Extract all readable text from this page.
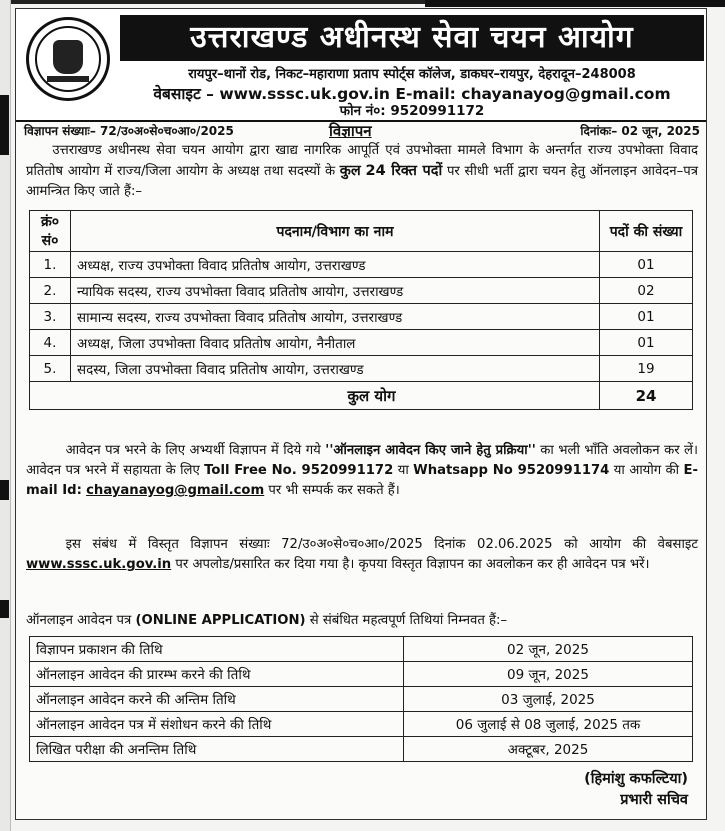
उत्तराखण्ड अधीनस्थ सेवा चयन आयोग
रायपुर–थानों रोड, निकट–महाराणा प्रताप स्पोर्ट्स कॉलेज, डाकघर–रायपुर, देहरादून–248008
वेबसाइट – www.sssc.uk.gov.in E-mail: chayanayog@gmail.com
फोन नं०: 9520991172
विज्ञापन संख्याः– 72/उ०अ०से०च०आ०/2025	विज्ञापन	दिनांकः– 02 जून, 2025
  उत्तराखण्ड अधीनस्थ सेवा चयन आयोग द्वारा खाद्य नागरिक आपूर्ति एवं उपभोक्ता मामले विभाग के अन्तर्गत राज्य उपभोक्ता विवाद प्रतितोष आयोग में राज्य/जिला आयोग के अध्यक्ष तथा सदस्यों के कुल 24 रिक्त पदों पर सीधी भर्ती द्वारा चयन हेतु ऑनलाइन आवेदन–पत्र आमन्त्रित किए जाते हैं:–
क्रं० सं०	पदनाम/विभाग का नाम	पदों की संख्या
1.	अध्यक्ष, राज्य उपभोक्ता विवाद प्रतितोष आयोग, उत्तराखण्ड	01
2.	न्यायिक सदस्य, राज्य उपभोक्ता विवाद प्रतितोष आयोग, उत्तराखण्ड	02
3.	सामान्य सदस्य, राज्य उपभोक्ता विवाद प्रतितोष आयोग, उत्तराखण्ड	01
4.	अध्यक्ष, जिला उपभोक्ता विवाद प्रतितोष आयोग, नैनीताल	01
5.	सदस्य, जिला उपभोक्ता विवाद प्रतितोष आयोग, उत्तराखण्ड	19
कुल योग		24
   आवेदन पत्र भरने के लिए अभ्यर्थी विज्ञापन में दिये गये ''ऑनलाइन आवेदन किए जाने हेतु प्रक्रिया'' का भली भाँति अवलोकन कर लें। आवेदन पत्र भरने में सहायता के लिए Toll Free No. 9520991172 या Whatsapp No 9520991174 या आयोग की E-mail Id: chayanayog@gmail.com पर भी सम्पर्क कर सकते हैं।
   इस संबंध में विस्तृत विज्ञापन संख्याः 72/उ०अ०से०च०आ०/2025 दिनांक 02.06.2025 को आयोग की वेबसाइट www.sssc.uk.gov.in पर अपलोड/प्रसारित कर दिया गया है। कृपया विस्तृत विज्ञापन का अवलोकन कर ही आवेदन पत्र भरें।
ऑनलाइन आवेदन पत्र (ONLINE APPLICATION) से संबंधित महत्वपूर्ण तिथियां निम्नवत हैं:–
विज्ञापन प्रकाशन की तिथि	02 जून, 2025
ऑनलाइन आवेदन की प्रारम्भ करने की तिथि	09 जून, 2025
ऑनलाइन आवेदन करने की अन्तिम तिथि	03 जुलाई, 2025
ऑनलाइन आवेदन पत्र में संशोधन करने की तिथि	06 जुलाई से 08 जुलाई, 2025 तक
लिखित परीक्षा की अनन्तिम तिथि	अक्टूबर, 2025
(हिमांशु कफल्टिया)
प्रभारी सचिव
